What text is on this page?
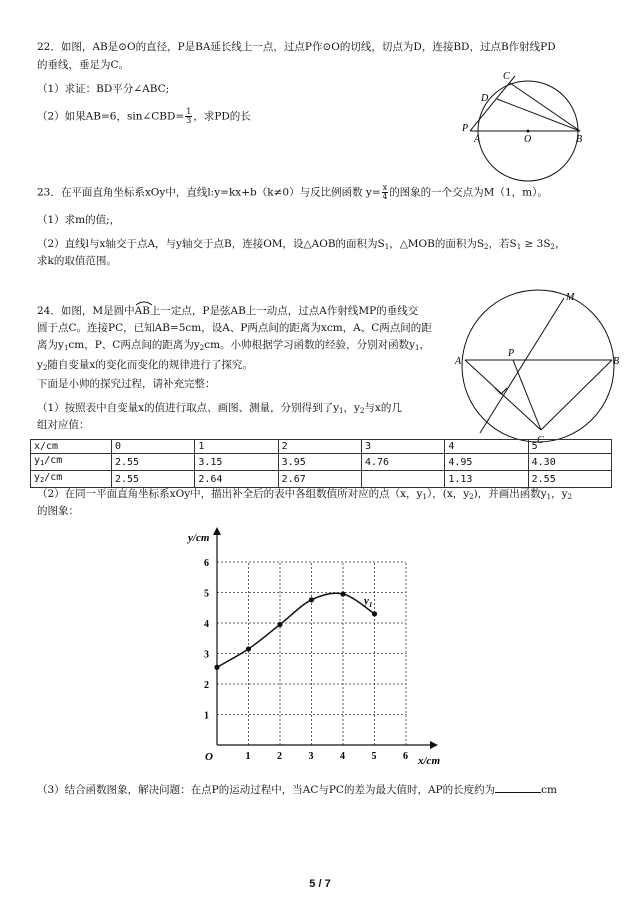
22．如图，AB是⊙O的直径，P是BA延长线上一点，过点P作⊙O的切线，切点为D，连接BD，过点B作射线PD
的垂线，垂足为C。
（1）求证：BD平分∠ABC;
（2）如果AB=6，sin∠CBD= $\frac{1}{3}$ ，求PD的长
C
D
P
A	O	B
23．在平面直角坐标系xOy中，直线l:y=kx+b（k≠0）与反比例函数 $y= \frac{x}{4}$ 的图象的一个交点为M（1，m）。
（1）求m的值;，
（2）直线l与x轴交于点A，与y轴交于点B，连接OM，设△AOB的面积为$S_1$，△MOB的面积为$S_2$，若$S_1 \ge 3S_2$，
求k的取值范围。
24．如图，M是圆中AB
上一定点，P是弦AB上一动点，过点A作射线MP的垂线交
圆于点C。连接PC，已知AB=5cm，设A、P两点间的距离为xcm，A、C两点间的距
离为$y_1cm$，P、C两点间的距离为$y_2cm$。小帅根据学习函数的经验，分别对函数$y_1$，
$y_2$随自变量x的变化而变化的规律进行了探究。
下面是小帅的探究过程，请补充完整：
（1）按照表中自变量x的值进行取点、画图、测量，分别得到了$y_1$，$y_2$与x的几
组对应值：
M
A
P
B
C
x/cm	0	1	2	3	4	5
$y_1/cm$	2.55	3.15	3.95	4.76	4.95	4.30
$y_2/cm$	2.55	2.64	2.67		1.13	2.55
（2）在同一平面直角坐标系xOy中，描出补全后的表中各组数值所对应的点（x，$y_1$），(x，$y_2$)，并画出函数$y_1$，$y_2$
的图象：
1	2	3	4	5	6
1
2
3
4
5
6
y/cm
x/cm
O
$y_1$
（3）结合函数图象，解决问题：在点P的运动过程中，当AC与PC的差为最大值时，AP的长度约为	cm
5 / 7
